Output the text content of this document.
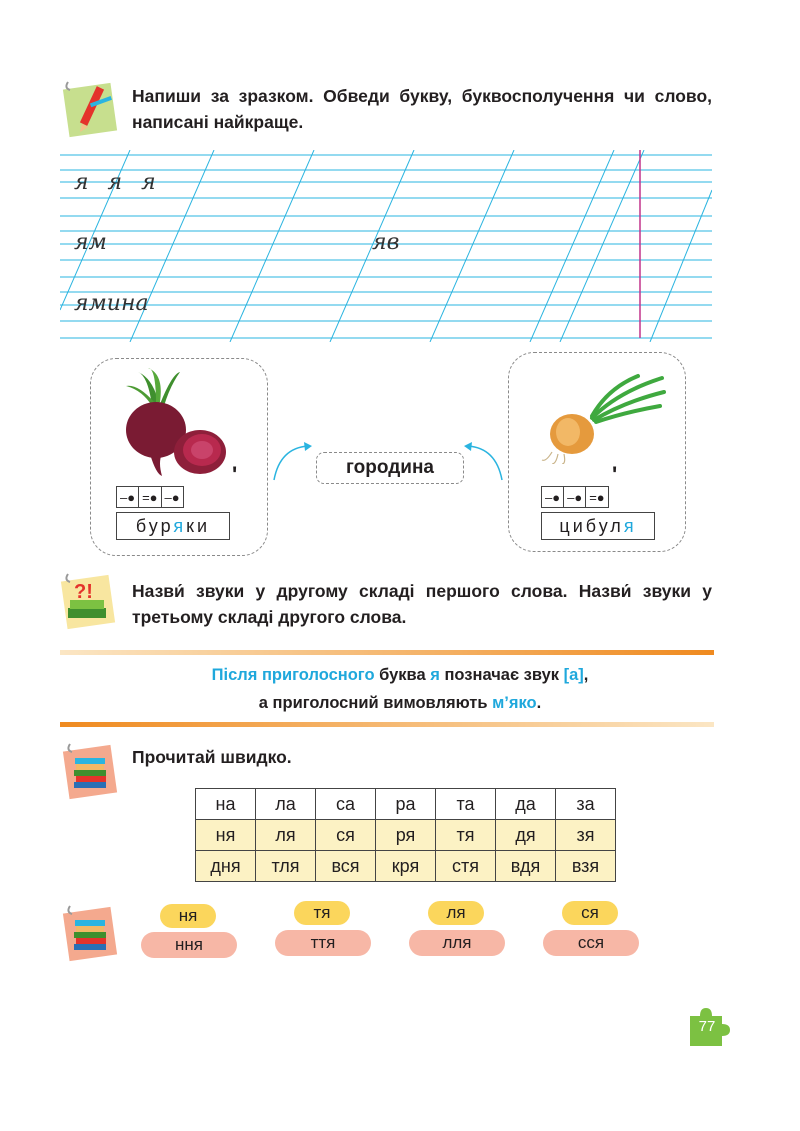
Напиши за зразком. Обведи букву, буквосполучення чи слово, написані найкраще.
я я я
ям	яв
ямина
'
–●	=●	–●
буряки
городина	'
–●	–●	=●
цибуля
?! Назви́ звуки у другому складі першого слова. Назви́ звуки у третьому складі другого слова.
Після приголосного буква я позначає звук [а],
а приголосний вимовляють м’яко.
Прочитай швидко.
на	ла	са	ра	та	да	за
ня	ля	ся	ря	тя	дя	зя
дня	тля	вся	кря	стя	вдя	взя
ня
ння
тя
ття
ля
лля
ся
сся
77
